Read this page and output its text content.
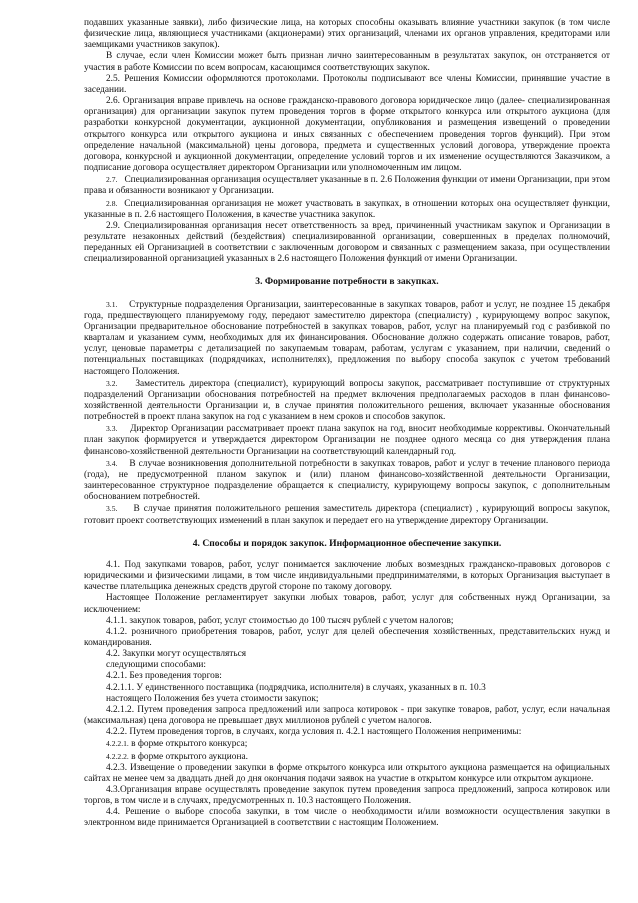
подавших указанные заявки), либо физические лица, на которых способны оказывать влияние участники закупок (в том числе физические лица, являющиеся участниками (акционерами) этих организаций, членами их органов управления, кредиторами или заемщиками участников закупок).

В случае, если член Комиссии может быть признан лично заинтересованным в результатах закупок, он отстраняется от участия в работе Комиссии по всем вопросам, касающимся соответствующих закупок.

2.5. Решения Комиссии оформляются протоколами. Протоколы подписывают все члены Комиссии, принявшие участие в заседании.

2.6. Организация вправе привлечь на основе гражданско-правового договора юридическое лицо (далее- специализированная организация) для организации закупок путем проведения торгов в форме открытого конкурса или открытого аукциона (для разработки конкурсной документации, аукционной документации, опубликования и размещения извещений о проведении открытого конкурса или открытого аукциона и иных связанных с обеспечением проведения торгов функций). При этом определение начальной (максимальной) цены договора, предмета и существенных условий договора, утверждение проекта договора, конкурсной и аукционной документации, определение условий торгов и их изменение осуществляются Заказчиком, а подписание договора осуществляет директором Организации или уполномоченным им лицом.

2.7. Специализированная организация осуществляет указанные в п. 2.6 Положения функции от имени Организации, при этом права и обязанности возникают у Организации.

2.8. Специализированная организация не может участвовать в закупках, в отношении которых она осуществляет функции, указанные в п. 2.6 настоящего Положения, в качестве участника закупок.

2.9. Специализированная организация несет ответственность за вред, причиненный участникам закупок и Организации в результате незаконных действий (бездействия) специализированной организации, совершенных в пределах полномочий, переданных ей Организацией в соответствии с заключенным договором и связанных с размещением заказа, при осуществлении специализированной организацией указанных в 2.6 настоящего Положения функций от имени Организации.

3. Формирование потребности в закупках.

3.1. Структурные подразделения Организации, заинтересованные в закупках товаров, работ и услуг, не позднее 15 декабря года, предшествующего планируемому году, передают заместителю директора (специалисту) , курирующему вопрос закупок, Организации предварительное обоснование потребностей в закупках товаров, работ, услуг на планируемый год с разбивкой по кварталам и указанием сумм, необходимых для их финансирования. Обоснование должно содержать описание товаров, работ, услуг, ценовые параметры с детализацией по закупаемым товарам, работам, услугам с указанием, при наличии, сведений о потенциальных поставщиках (подрядчиках, исполнителях), предложения по выбору способа закупок с учетом требований настоящего Положения.

3.2. Заместитель директора (специалист), курирующий вопросы закупок, рассматривает поступившие от структурных подразделений Организации обоснования потребностей на предмет включения предполагаемых расходов в план финансово-хозяйственной деятельности Организации и, в случае принятия положительного решения, включает указанные обоснования потребностей в проект плана закупок на год с указанием в нем сроков и способов закупок.

3.3. Директор Организации рассматривает проект плана закупок на год, вносит необходимые коррективы. Окончательный план закупок формируется и утверждается директором Организации не позднее одного месяца со дня утверждения плана финансово-хозяйственной деятельности Организации на соответствующий календарный год.

3.4. В случае возникновения дополнительной потребности в закупках товаров, работ и услуг в течение планового периода (года), не предусмотренной планом закупок и (или) планом финансово-хозяйственной деятельности Организации, заинтересованное структурное подразделение обращается к специалисту, курирующему вопросы закупок, с дополнительным обоснованием потребностей.

3.5. В случае принятия положительного решения заместитель директора (специалист) , курирующий вопросы закупок, готовит проект соответствующих изменений в план закупок и передает его на утверждение директору Организации.

4. Способы и порядок закупок. Информационное обеспечение закупки.

4.1. Под закупками товаров, работ, услуг понимается заключение любых возмездных гражданско-правовых договоров с юридическими и физическими лицами, в том числе индивидуальными предпринимателями, в которых Организация выступает в качестве плательщика денежных средств другой стороне по такому договору.

Настоящее Положение регламентирует закупки любых товаров, работ, услуг для собственных нужд Организации, за исключением:

4.1.1. закупок товаров, работ, услуг стоимостью до 100 тысяч рублей с учетом налогов;

4.1.2. розничного приобретения товаров, работ, услуг для целей обеспечения хозяйственных, представительских нужд и командирования.

4.2. Закупки могут осуществляться

следующими способами:

4.2.1. Без проведения торгов:

4.2.1.1. У единственного поставщика (подрядчика, исполнителя) в случаях, указанных в п. 10.3

настоящего Положения без учета стоимости закупок;

4.2.1.2. Путем проведения запроса предложений или запроса котировок - при закупке товаров, работ, услуг, если начальная (максимальная) цена договора не превышает двух миллионов рублей с учетом налогов.

4.2.2. Путем проведения торгов, в случаях, когда условия п. 4.2.1 настоящего Положения неприменимы:

4.2.2.1. в форме открытого конкурса;

4.2.2.2. в форме открытого аукциона.

4.2.3. Извещение о проведении закупки в форме открытого конкурса или открытого аукциона размещается на официальных сайтах не менее чем за двадцать дней до дня окончания подачи заявок на участие в открытом конкурсе или открытом аукционе.

4.3.Организация вправе осуществлять проведение закупок путем проведения запроса предложений, запроса котировок или торгов, в том числе и в случаях, предусмотренных п. 10.3 настоящего Положения.

4.4. Решение о выборе способа закупки, в том числе о необходимости и/или возможности осуществления закупки в электронном виде принимается Организацией в соответствии с настоящим Положением.
